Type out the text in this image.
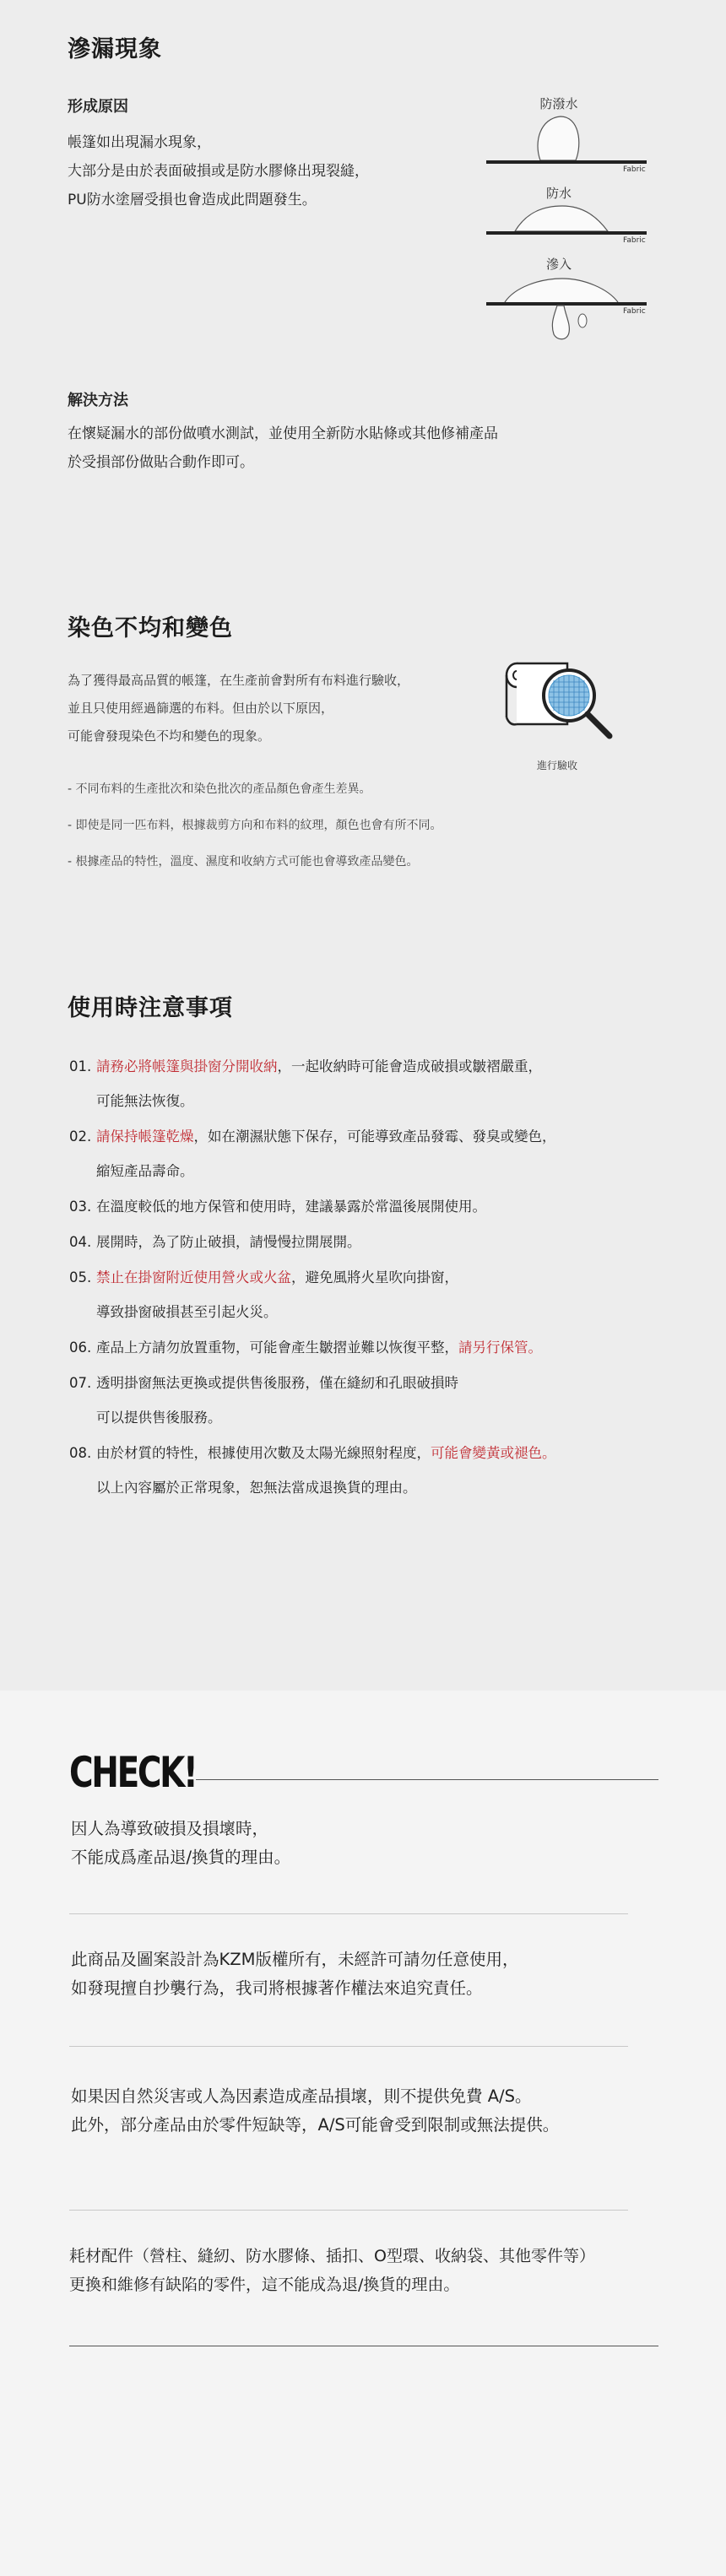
滲漏現象
形成原因
帳篷如出現漏水現象，
大部分是由於表面破損或是防水膠條出現裂縫，
PU防水塗層受損也會造成此問題發生。
防潑水
防水
滲入
Fabric
Fabric
Fabric
解決方法
在懷疑漏水的部份做噴水測試，並使用全新防水貼條或其他修補產品
於受損部份做貼合動作即可。
染色不均和變色
為了獲得最高品質的帳篷，在生產前會對所有布料進行驗收，
並且只使用經過篩選的布料。但由於以下原因，
可能會發現染色不均和變色的現象。
- 不同布料的生產批次和染色批次的產品顏色會產生差異。
- 即使是同一匹布料，根據裁剪方向和布料的紋理，顏色也會有所不同。
- 根據產品的特性，溫度、濕度和收納方式可能也會導致產品變色。
進行驗收
使用時注意事項
01. 請務必將帳篷與掛窗分開收納，一起收納時可能會造成破損或皺褶嚴重，
可能無法恢復。
02. 請保持帳篷乾燥，如在潮濕狀態下保存，可能導致產品發霉、發臭或變色，
縮短產品壽命。
03. 在溫度較低的地方保管和使用時，建議暴露於常溫後展開使用。
04. 展開時，為了防止破損，請慢慢拉開展開。
05. 禁止在掛窗附近使用營火或火盆，避免風將火星吹向掛窗，
導致掛窗破損甚至引起火災。
06. 產品上方請勿放置重物，可能會產生皺摺並難以恢復平整，請另行保管。
07. 透明掛窗無法更換或提供售後服務，僅在縫紉和孔眼破損時
可以提供售後服務。
08. 由於材質的特性，根據使用次數及太陽光線照射程度，可能會變黃或褪色。
以上內容屬於正常現象，恕無法當成退換貨的理由。
CHECK!
因人為導致破損及損壞時，
不能成爲產品退/換貨的理由。
此商品及圖案設計為KZM版權所有，未經許可請勿任意使用，
如發現擅自抄襲行為，我司將根據著作權法來追究責任。
如果因自然災害或人為因素造成產品損壞，則不提供免費 A/S。
此外，部分產品由於零件短缺等，A/S可能會受到限制或無法提供。
耗材配件（營柱、縫紉、防水膠條、插扣、O型環、收納袋、其他零件等）
更換和維修有缺陷的零件，這不能成為退/換貨的理由。
